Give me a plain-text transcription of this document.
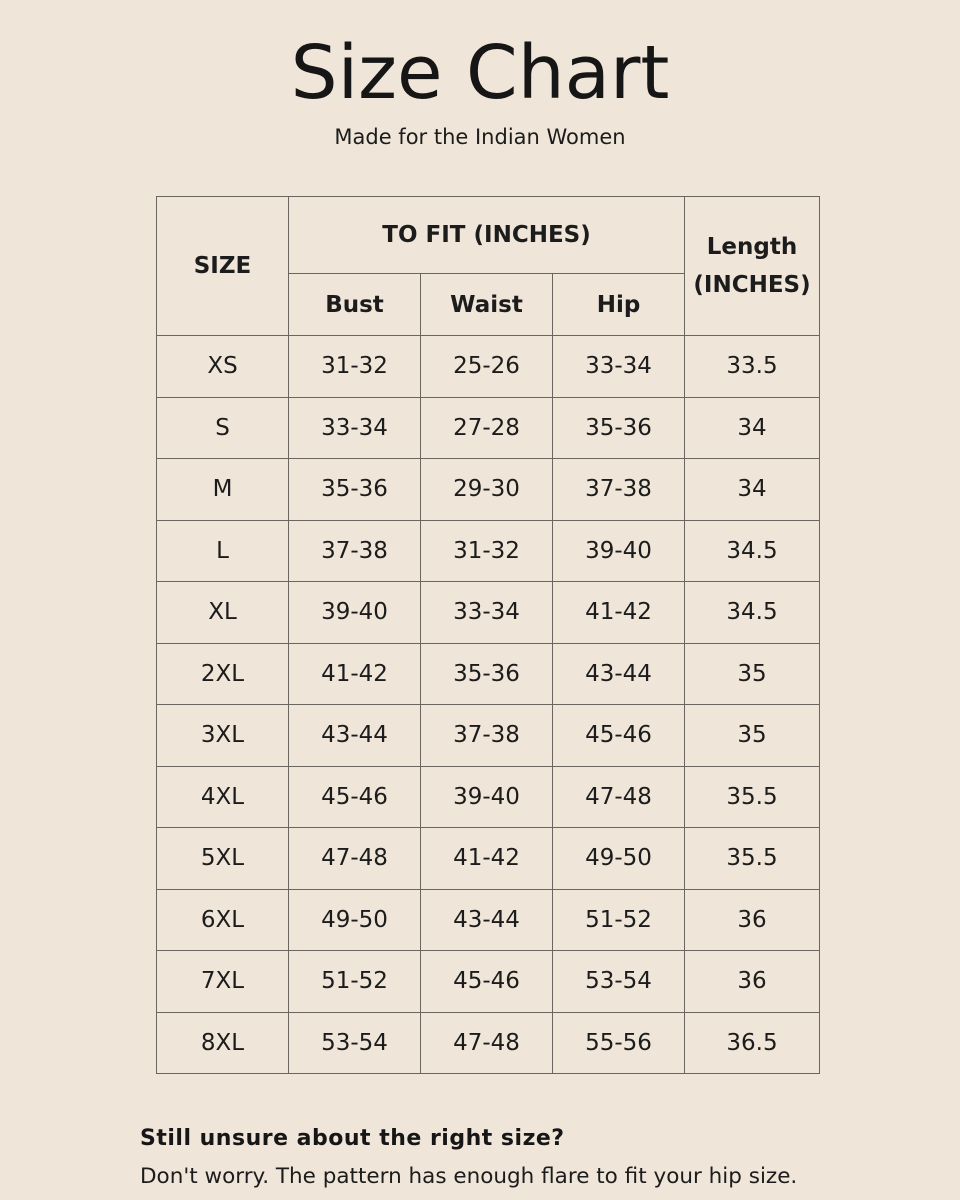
Size Chart
Made for the Indian Women
SIZE	TO FIT (INCHES)			Length
(INCHES)

	Bust	Waist	Hip	
XS	31-32	25-26	33-34	33.5
S	33-34	27-28	35-36	34
M	35-36	29-30	37-38	34
L	37-38	31-32	39-40	34.5
XL	39-40	33-34	41-42	34.5
2XL	41-42	35-36	43-44	35
3XL	43-44	37-38	45-46	35
4XL	45-46	39-40	47-48	35.5
5XL	47-48	41-42	49-50	35.5
6XL	49-50	43-44	51-52	36
7XL	51-52	45-46	53-54	36
8XL	53-54	47-48	55-56	36.5
Still unsure about the right size?
Don't worry. The pattern has enough flare to fit your hip size.
